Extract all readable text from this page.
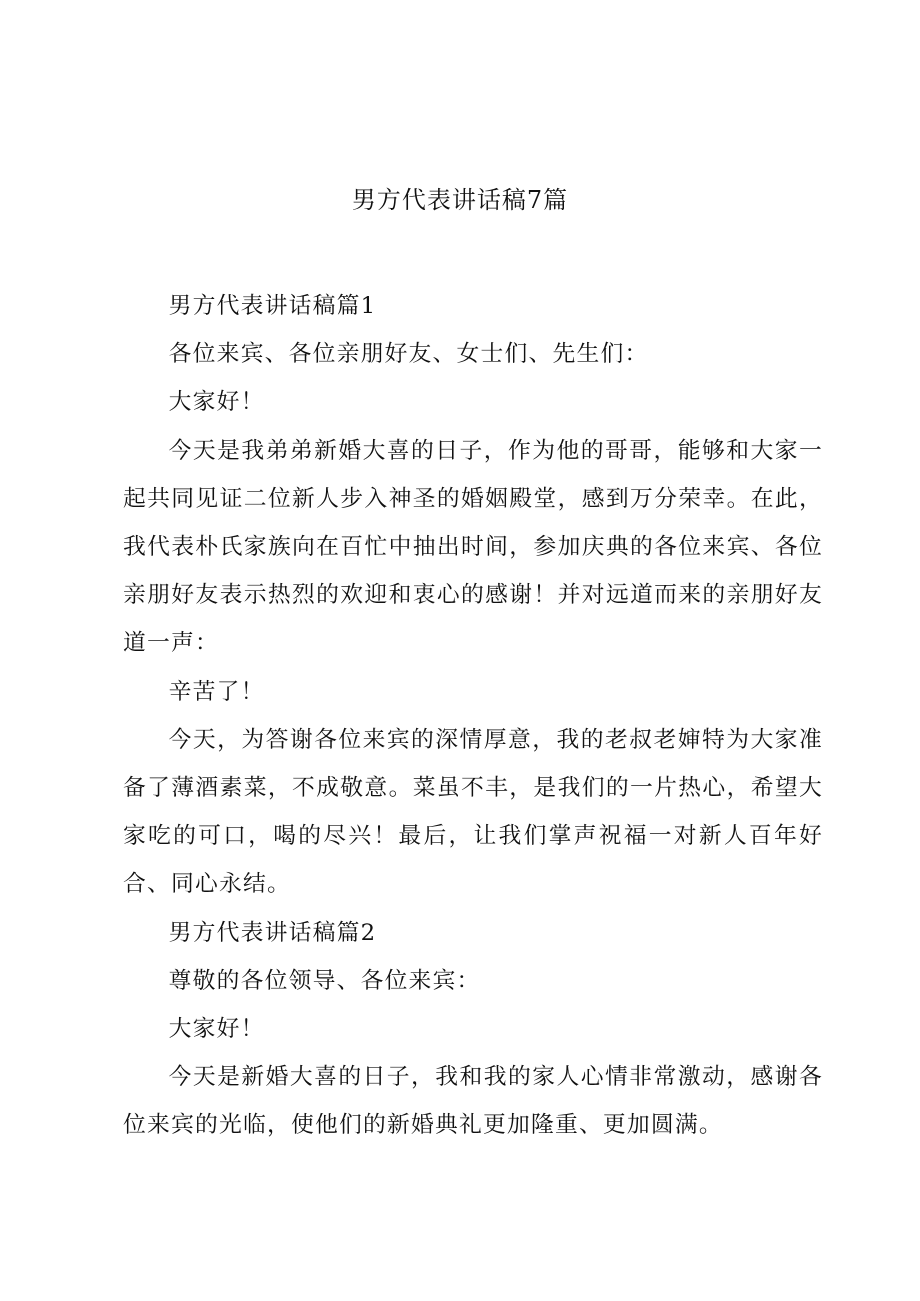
男方代表讲话稿7篇

男方代表讲话稿篇1

各位来宾、各位亲朋好友、女士们、先生们：

大家好！

今天是我弟弟新婚大喜的日子，作为他的哥哥，能够和大家一起共同见证二位新人步入神圣的婚姻殿堂，感到万分荣幸。在此，我代表朴氏家族向在百忙中抽出时间，参加庆典的各位来宾、各位亲朋好友表示热烈的欢迎和衷心的感谢！并对远道而来的亲朋好友道一声：

辛苦了！

今天，为答谢各位来宾的深情厚意，我的老叔老婶特为大家准备了薄酒素菜，不成敬意。菜虽不丰，是我们的一片热心，希望大家吃的可口，喝的尽兴！最后，让我们掌声祝福一对新人百年好合、同心永结。

男方代表讲话稿篇2

尊敬的各位领导、各位来宾：

大家好！

今天是新婚大喜的日子，我和我的家人心情非常激动，感谢各位来宾的光临，使他们的新婚典礼更加隆重、更加圆满。
